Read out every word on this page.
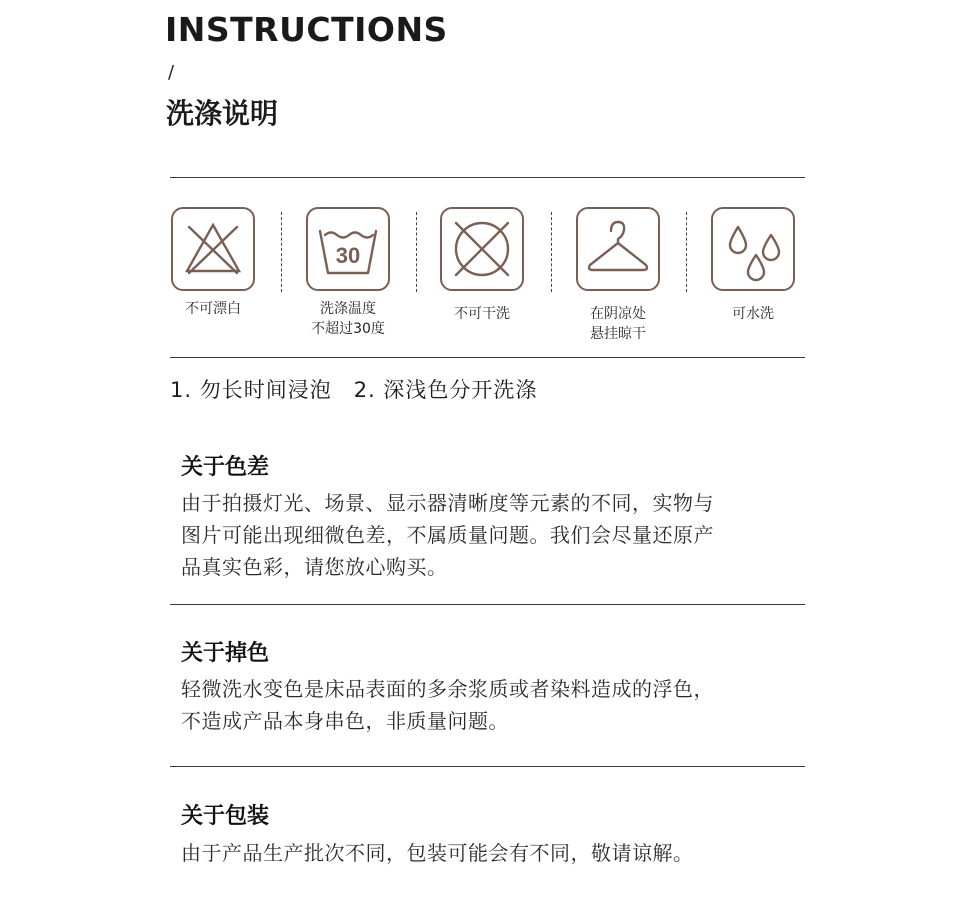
INSTRUCTIONS
/
洗涤说明
30
不可漂白	洗涤温度
不超过30度
不可干洗	在阴凉处
悬挂晾干
可水洗
1. 勿长时间浸泡 2. 深浅色分开洗涤
关于色差
由于拍摄灯光、场景、显示器清晰度等元素的不同，实物与
图片可能出现细微色差，不属质量问题。我们会尽量还原产
品真实色彩，请您放心购买。
关于掉色
轻微洗水变色是床品表面的多余浆质或者染料造成的浮色，
不造成产品本身串色，非质量问题。
关于包装
由于产品生产批次不同，包装可能会有不同，敬请谅解。
